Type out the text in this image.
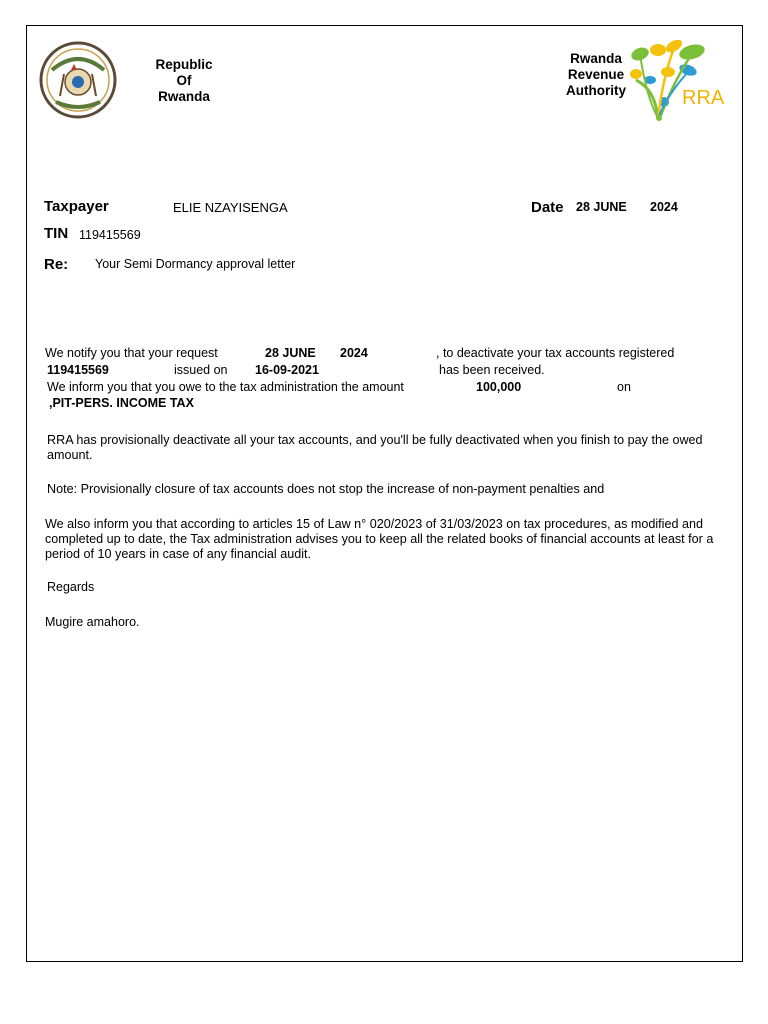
Republic
Of
Rwanda
Rwanda
Revenue
Authority	RRA
Taxpayer	ELIE NZAYISENGA	Date 28 JUNE 2024
TIN 119415569
Re: Your Semi Dormancy approval letter
We notify you that your request	28 JUNE 2024	, to deactivate your tax accounts registered
119415569	issued on 16-09-2021	has been received.
We inform you that you owe to the tax administration the amount	100,000	on
,PIT-PERS. INCOME TAX
RRA has provisionally deactivate all your tax accounts, and you'll be fully deactivated when you finish to pay the owed amount.
Note: Provisionally closure of tax accounts does not stop the increase of non-payment penalties and
We also inform you that according to articles 15 of Law n° 020/2023 of 31/03/2023 on tax procedures, as modified and completed up to date, the Tax administration advises you to keep all the related books of financial accounts at least for a period of 10 years in case of any financial audit.
Regards
Mugire amahoro.
